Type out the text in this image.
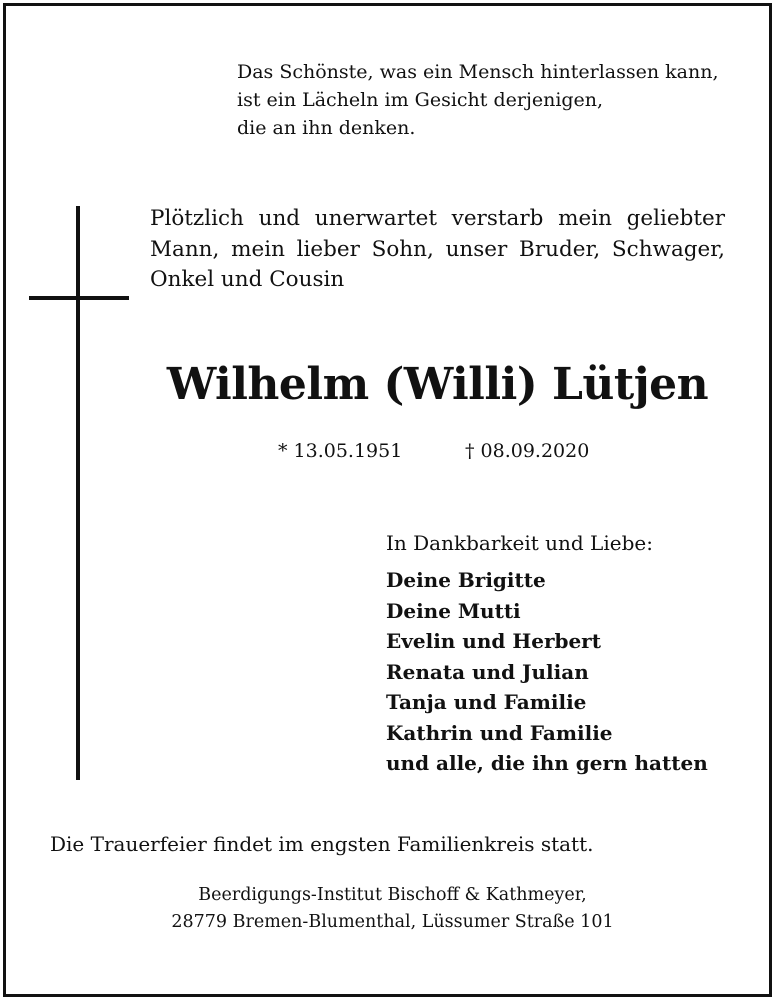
Das Schönste, was ein Mensch hinterlassen kann,
ist ein Lächeln im Gesicht derjenigen,
die an ihn denken.
Plötzlich und unerwartet verstarb mein geliebter
Mann, mein lieber Sohn, unser Bruder, Schwager,
Onkel und Cousin
Wilhelm (Willi) Lütjen
* 13.05.1951	† 08.09.2020
In Dankbarkeit und Liebe:
Deine Brigitte
Deine Mutti
Evelin und Herbert
Renata und Julian
Tanja und Familie
Kathrin und Familie
und alle, die ihn gern hatten
Die Trauerfeier findet im engsten Familienkreis statt.
Beerdigungs-Institut Bischoff & Kathmeyer,
28779 Bremen-Blumenthal, Lüssumer Straße 101
